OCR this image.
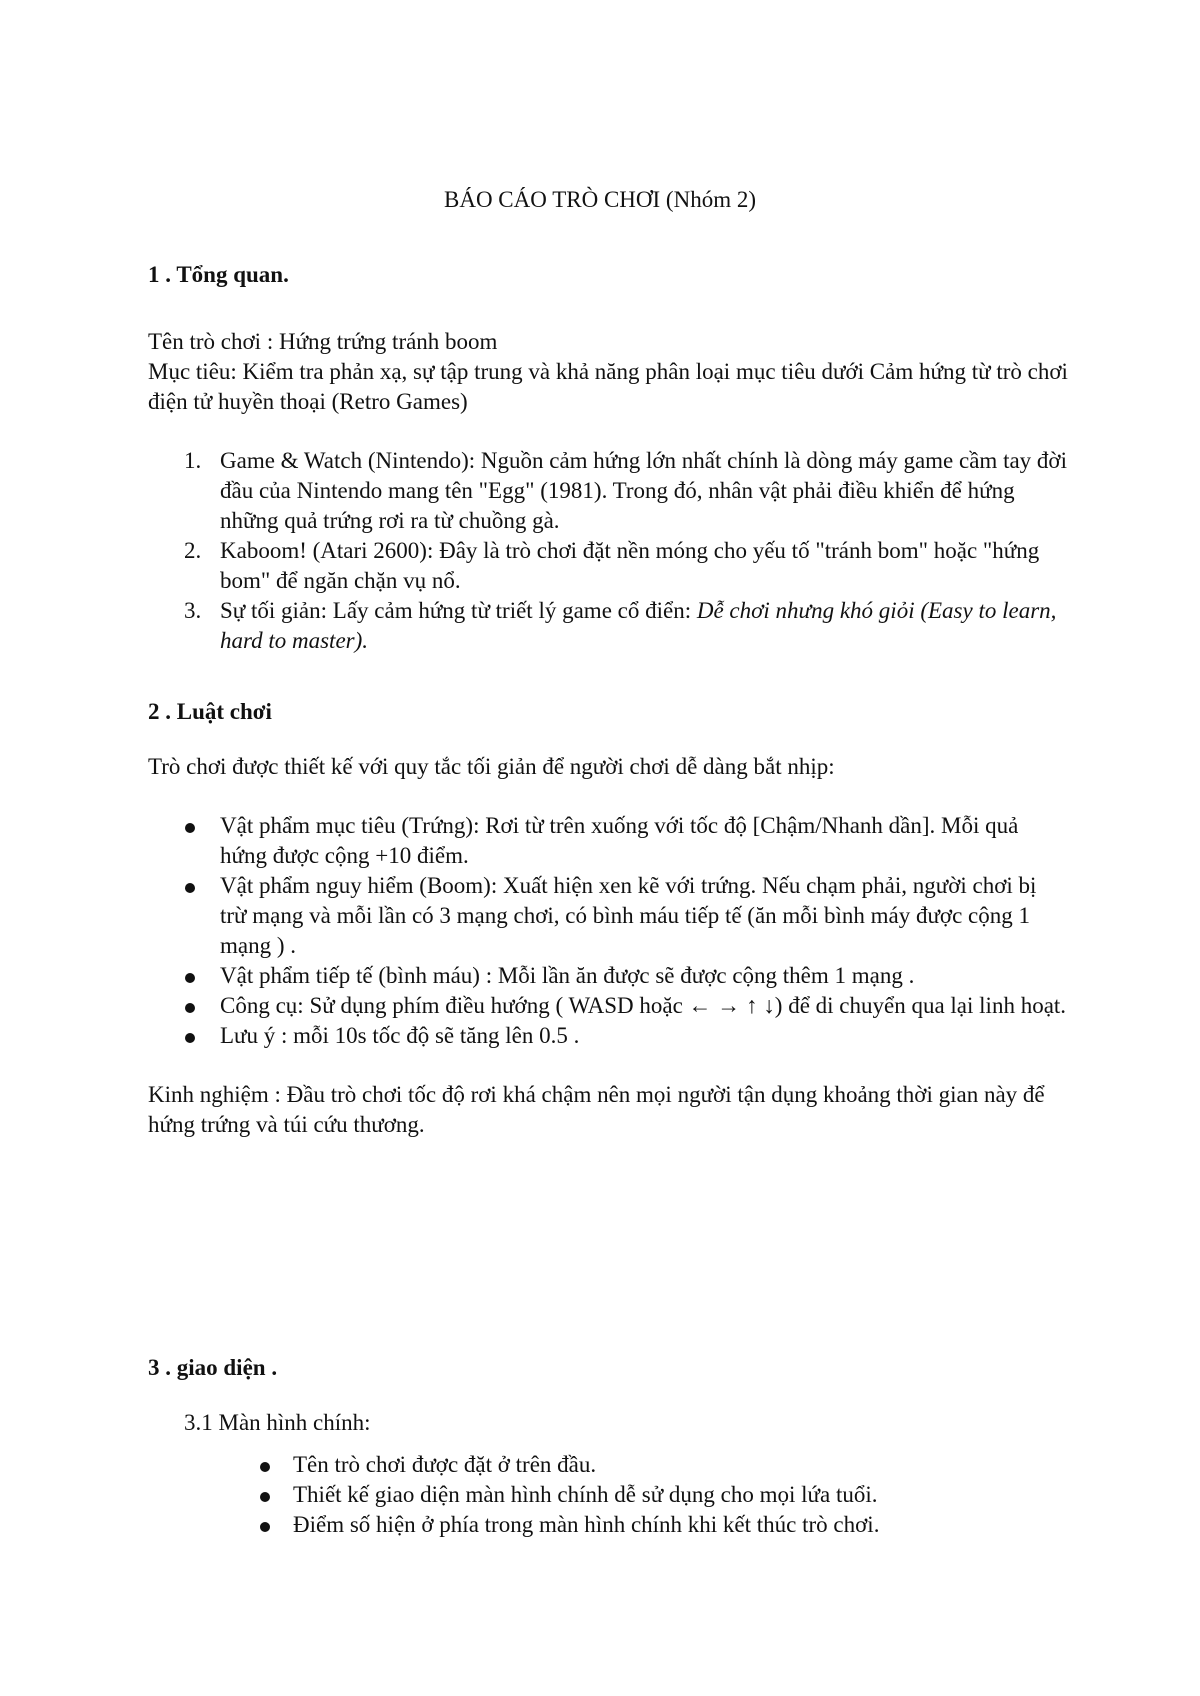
BÁO CÁO TRÒ CHƠI (Nhóm 2)
1 . Tổng quan.

Tên trò chơi : Hứng trứng tránh boom

Mục tiêu: Kiểm tra phản xạ, sự tập trung và khả năng phân loại mục tiêu dưới Cảm hứng từ trò chơi điện tử huyền thoại (Retro Games)

1. Game & Watch (Nintendo): Nguồn cảm hứng lớn nhất chính là dòng máy game cầm tay đời đầu của Nintendo mang tên "Egg" (1981). Trong đó, nhân vật phải điều khiển để hứng những quả trứng rơi ra từ chuồng gà.
2. Kaboom! (Atari 2600): Đây là trò chơi đặt nền móng cho yếu tố "tránh bom" hoặc "hứng bom" để ngăn chặn vụ nổ.
3. Sự tối giản: Lấy cảm hứng từ triết lý game cổ điển: Dễ chơi nhưng khó giỏi (Easy to learn, hard to master).
2 . Luật chơi

Trò chơi được thiết kế với quy tắc tối giản để người chơi dễ dàng bắt nhịp:

Vật phẩm mục tiêu (Trứng): Rơi từ trên xuống với tốc độ [Chậm/Nhanh dần]. Mỗi quả hứng được cộng +10 điểm.
Vật phẩm nguy hiểm (Boom): Xuất hiện xen kẽ với trứng. Nếu chạm phải, người chơi bị trừ mạng và mỗi lần có 3 mạng chơi, có bình máu tiếp tế (ăn mỗi bình máy được cộng 1 mạng ) .
Vật phẩm tiếp tế (bình máu) : Mỗi lần ăn được sẽ được cộng thêm 1 mạng .
Công cụ: Sử dụng phím điều hướng ( WASD hoặc ← → ↑ ↓) để di chuyển qua lại linh hoạt.
Lưu ý : mỗi 10s tốc độ sẽ tăng lên 0.5 .

Kinh nghiệm : Đầu trò chơi tốc độ rơi khá chậm nên mọi người tận dụng khoảng thời gian này để hứng trứng và túi cứu thương.

3 . giao diện .

3.1 Màn hình chính:

Tên trò chơi được đặt ở trên đầu.
Thiết kế giao diện màn hình chính dễ sử dụng cho mọi lứa tuổi.
Điểm số hiện ở phía trong màn hình chính khi kết thúc trò chơi.
